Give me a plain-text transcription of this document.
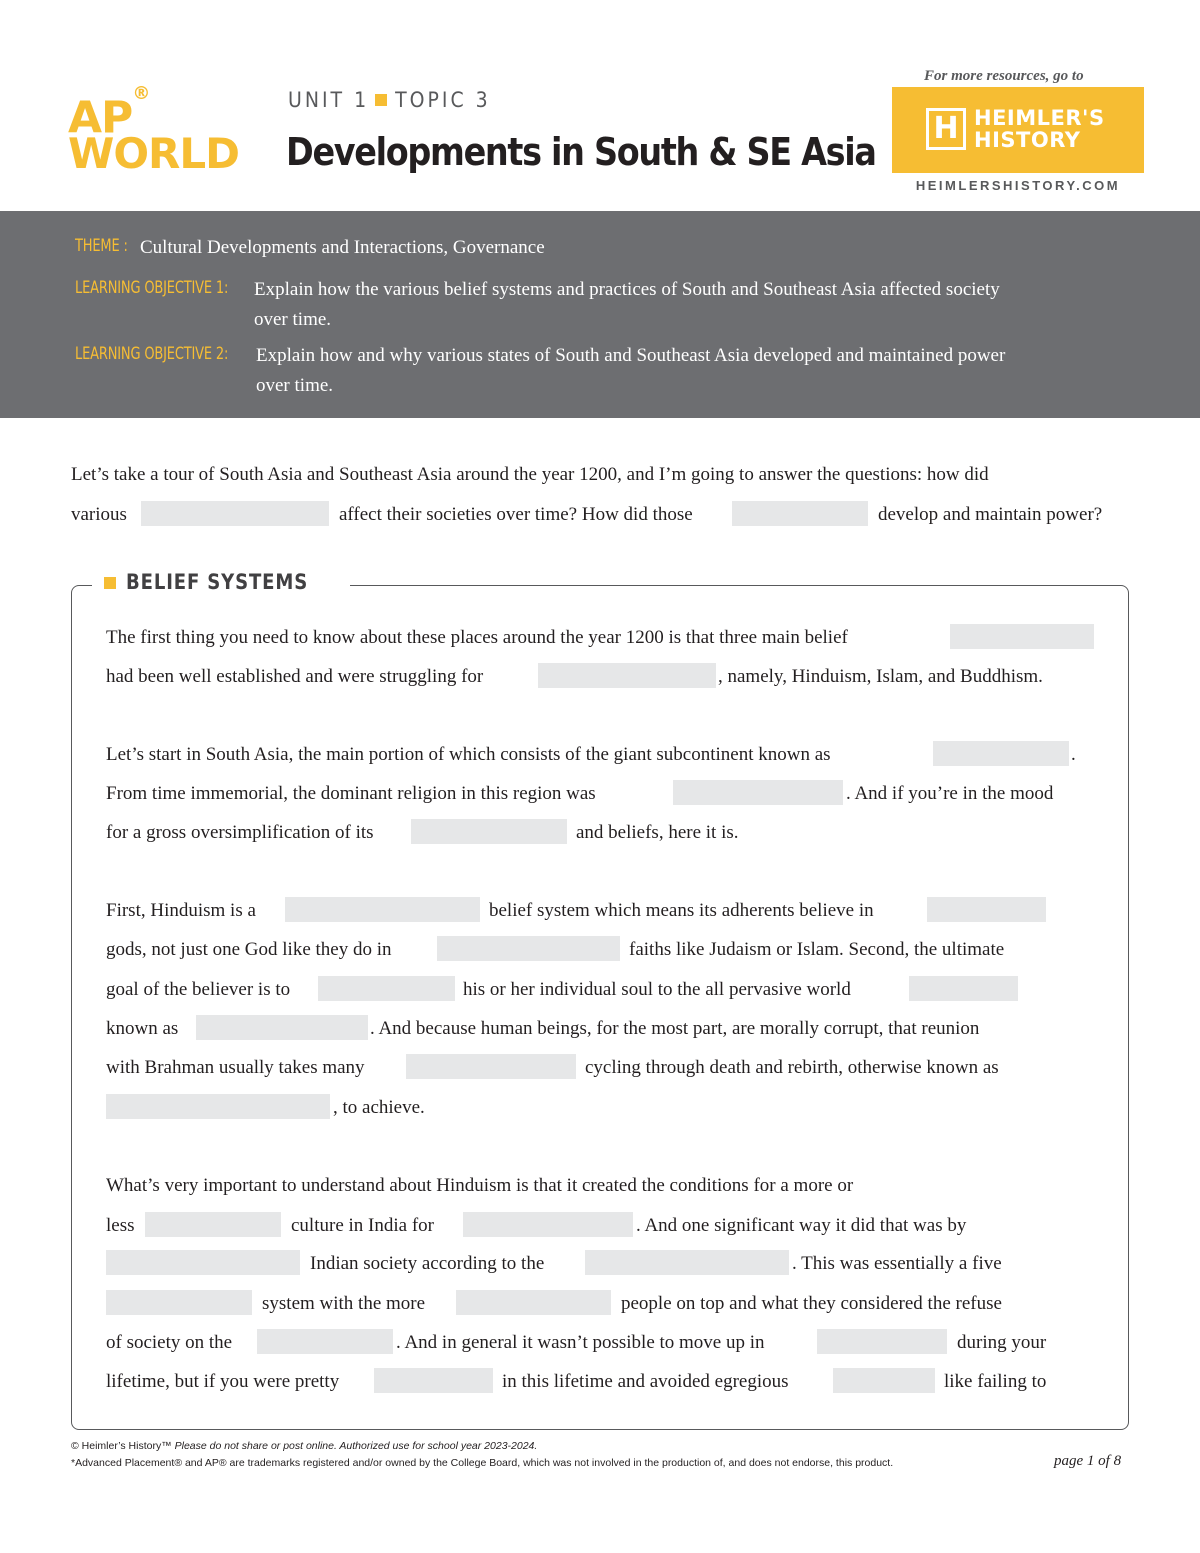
AP®
WORLD
UNIT 1 TOPIC 3
Developments in South & SE Asia
For more resources, go to
H HEIMLER'S
HISTORY
HEIMLERSHISTORY.COM
THEME : Cultural Developments and Interactions, Governance
LEARNING OBJECTIVE 1: Explain how the various belief systems and practices of South and Southeast Asia affected society
over time.
LEARNING OBJECTIVE 2: Explain how and why various states of South and Southeast Asia developed and maintained power
over time.
Let’s take a tour of South Asia and Southeast Asia around the year 1200, and I’m going to answer the questions: how did
various	affect their societies over time? How did those	develop and maintain power?
BELIEF SYSTEMS
The first thing you need to know about these places around the year 1200 is that three main belief
had been well established and were struggling for	, namely, Hinduism, Islam, and Buddhism.
Let’s start in South Asia, the main portion of which consists of the giant subcontinent known as	.
From time immemorial, the dominant religion in this region was	. And if you’re in the mood
for a gross oversimplification of its	and beliefs, here it is.
First, Hinduism is a	belief system which means its adherents believe in
gods, not just one God like they do in	faiths like Judaism or Islam. Second, the ultimate
goal of the believer is to	his or her individual soul to the all pervasive world
known as	. And because human beings, for the most part, are morally corrupt, that reunion
with Brahman usually takes many	cycling through death and rebirth, otherwise known as
, to achieve.
What’s very important to understand about Hinduism is that it created the conditions for a more or
less	culture in India for	. And one significant way it did that was by
Indian society according to the	. This was essentially a five
system with the more	people on top and what they considered the refuse
of society on the	. And in general it wasn’t possible to move up in	during your
lifetime, but if you were pretty	in this lifetime and avoided egregious	like failing to
© Heimler’s History™ Please do not share or post online. Authorized use for school year 2023-2024.
*Advanced Placement® and AP® are trademarks registered and/or owned by the College Board, which was not involved in the production of, and does not endorse, this product.	page 1 of 8
